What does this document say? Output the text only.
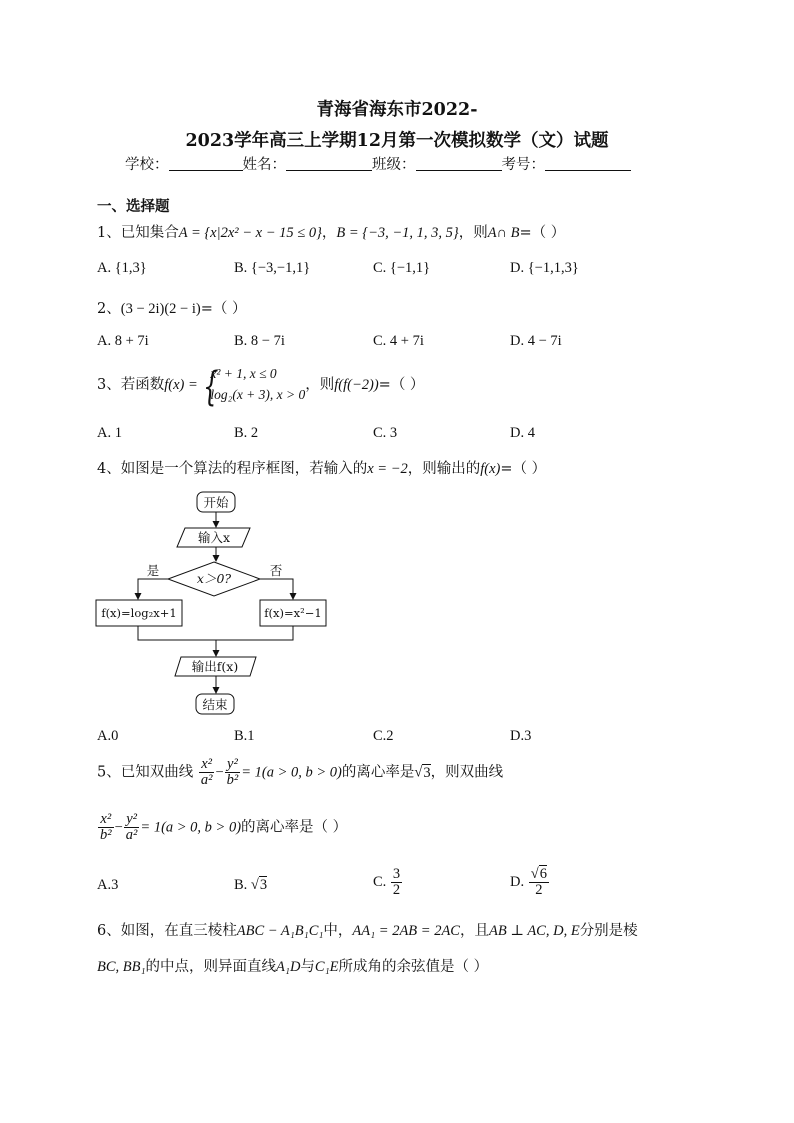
青海省海东市2022-
2023学年高三上学期12月第一次模拟数学（文）试题
学校：	姓名：	班级：	考号：
一、选择题
1、已知集合A = {x|2x² − x − 15 ≤ 0}，B = {−3, −1, 1, 3, 5}，则A∩ B=（ ）
A. {1,3}	B. {−3,−1,1}	C. {−1,1}	D. {−1,1,3}
2、(3 − 2i)(2 − i)=（ ）
A. 8 + 7i	B. 8 − 7i	C. 4 + 7i	D. 4 − 7i
3、若函数f(x) =
{ x² + 1, x ≤ 0
log₂(x + 3), x > 0
，则f(f(−2))=（ ）
A. 1	B. 2	C. 3	D. 4
4、如图是一个算法的程序框图，若输入的x = −2，则输出的f(x)=（ ）
开始
输入x
x＞0?
是	否
f(x)=log₂x+1	f(x)=x²−1
输出f(x)
结束
A.0	B.1	C.2	D.3
5、已知双曲线 $\frac{\text{x²}}{\text{a²}} - \frac{\text{y²}}{\text{b²}} = 1(a > 0$, b > 0)的离心率是√3，则双曲线
$\frac{\text{x²}}{\text{b²}} - \frac{\text{y²}}{\text{a²}} = 1(a > 0$, b > 0)的离心率是（ ）
A.3	B. √3	C. $\frac{3}{2}$	D. $\frac{√6}{2}$
6、如图，在直三棱柱ABC − A₁B₁C₁中，AA₁ = 2AB = 2AC，且AB ⊥ AC, D, E分别是棱
BC, BB₁的中点，则异面直线A₁D与C₁E所成角的余弦值是（ ）
